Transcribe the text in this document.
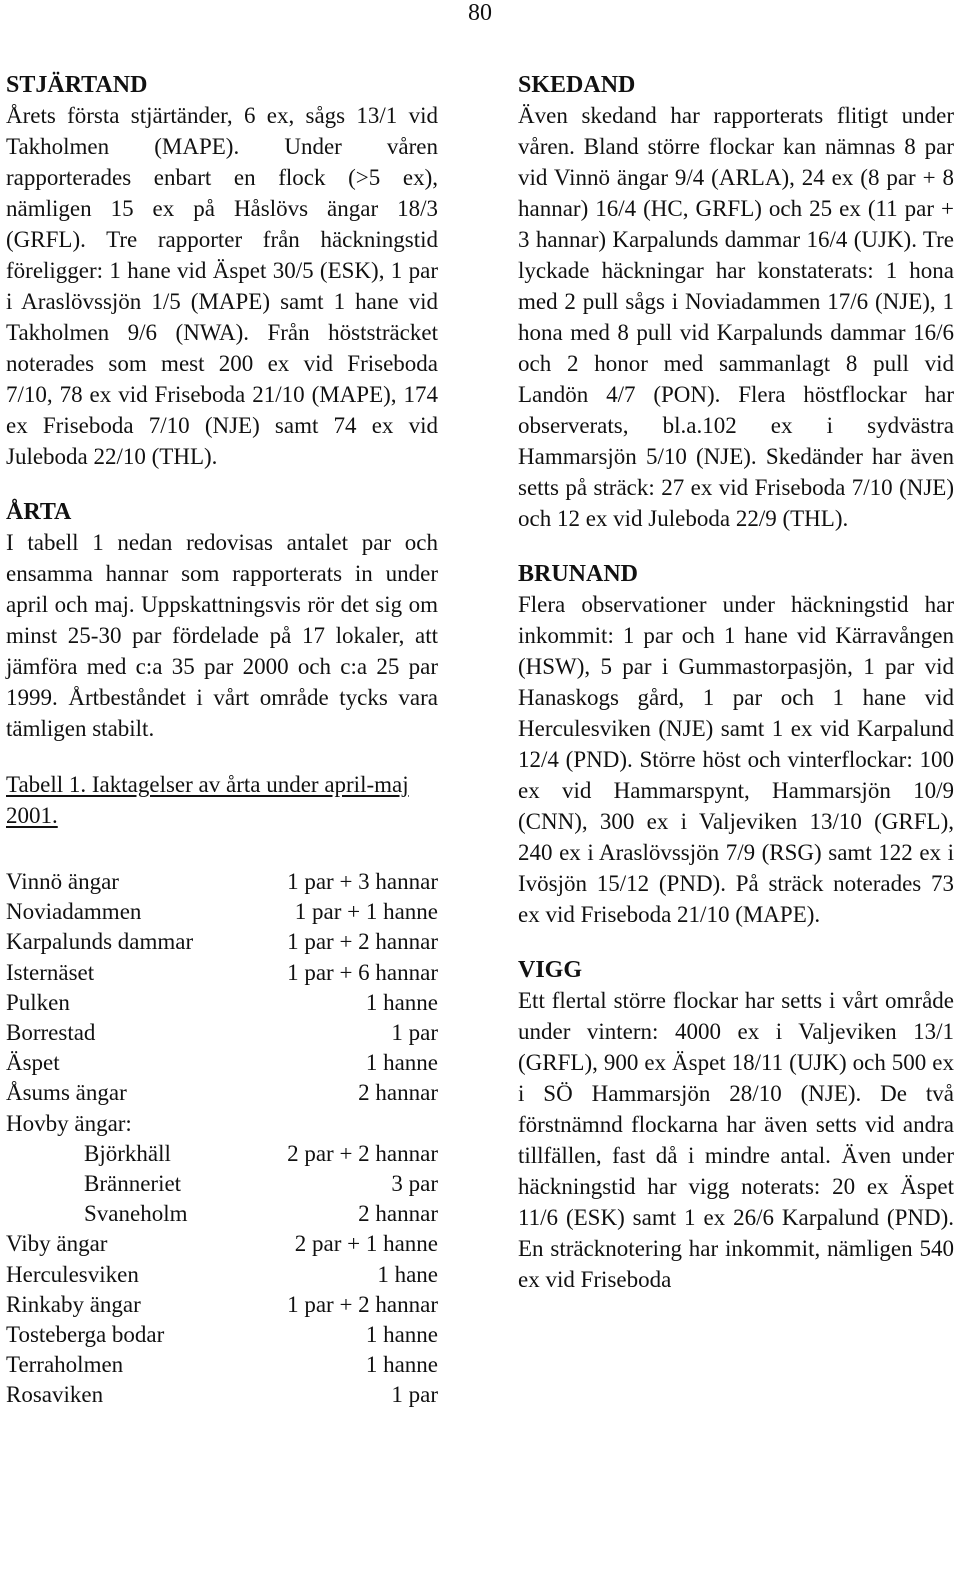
80

STJÄRTAND

Årets första stjärtänder, 6 ex, sågs 13/1 vid Takholmen (MAPE). Under våren rapporterades enbart en flock (>5 ex), nämligen 15 ex på Håslövs ängar 18/3 (GRFL). Tre rapporter från häckningstid föreligger: 1 hane vid Äspet 30/5 (ESK), 1 par i Araslövssjön 1/5 (MAPE) samt 1 hane vid Takholmen 9/6 (NWA). Från höststräcket noterades som mest 200 ex vid Friseboda 7/10, 78 ex vid Friseboda 21/10 (MAPE), 174 ex Friseboda 7/10 (NJE) samt 74 ex vid Juleboda 22/10 (THL).

ÅRTA

I tabell 1 nedan redovisas antalet par och ensamma hannar som rapporterats in under april och maj. Uppskattningsvis rör det sig om minst 25-30 par fördelade på 17 lokaler, att jämföra med c:a 35 par 2000 och c:a 25 par 1999. Årtbeståndet i vårt område tycks vara tämligen stabilt.

Tabell 1. Iaktagelser av årta under april-maj 2001.

Vinnö ängar	1 par + 3 hannar
Noviadammen	1 par + 1 hanne
Karpalunds dammar	1 par + 2 hannar
Isternäset	1 par + 6 hannar
Pulken	1 hanne
Borrestad	1 par
Äspet	1 hanne
Åsums ängar	2 hannar
Hovby ängar:
Björkhäll	2 par + 2 hannar
Bränneriet	3 par
Svaneholm	2 hannar
Viby ängar	2 par + 1 hanne
Herculesviken	1 hane
Rinkaby ängar	1 par + 2 hannar
Tosteberga bodar	1 hanne
Terraholmen	1 hanne
Rosaviken	1 par

SKEDAND

Även skedand har rapporterats flitigt under våren. Bland större flockar kan nämnas 8 par vid Vinnö ängar 9/4 (ARLA), 24 ex (8 par + 8 hannar) 16/4 (HC, GRFL) och 25 ex (11 par + 3 hannar) Karpalunds dammar 16/4 (UJK). Tre lyckade häckningar har konstaterats: 1 hona med 2 pull sågs i Noviadammen 17/6 (NJE), 1 hona med 8 pull vid Karpalunds dammar 16/6 och 2 honor med sammanlagt 8 pull vid Landön 4/7 (PON). Flera höstflockar har observerats, bl.a.102 ex i sydvästra Hammarsjön 5/10 (NJE). Skedänder har även setts på sträck: 27 ex vid Friseboda 7/10 (NJE) och 12 ex vid Juleboda 22/9 (THL).

BRUNAND

Flera observationer under häckningstid har inkommit: 1 par och 1 hane vid Kärravången (HSW), 5 par i Gummastorpasjön, 1 par vid Hanaskogs gård, 1 par och 1 hane vid Herculesviken (NJE) samt 1 ex vid Karpalund 12/4 (PND). Större höst och vinterflockar: 100 ex vid Hammarspynt, Hammarsjön 10/9 (CNN), 300 ex i Valjeviken 13/10 (GRFL), 240 ex i Araslövssjön 7/9 (RSG) samt 122 ex i Ivösjön 15/12 (PND). På sträck noterades 73 ex vid Friseboda 21/10 (MAPE).

VIGG

Ett flertal större flockar har setts i vårt område under vintern: 4000 ex i Valjeviken 13/1 (GRFL), 900 ex Äspet 18/11 (UJK) och 500 ex i SÖ Hammarsjön 28/10 (NJE). De två förstnämnd flockarna har även setts vid andra tillfällen, fast då i mindre antal. Även under häckningstid har vigg noterats: 20 ex Äspet 11/6 (ESK) samt 1 ex 26/6 Karpalund (PND). En sträcknotering har inkommit, nämligen 540 ex vid Friseboda
